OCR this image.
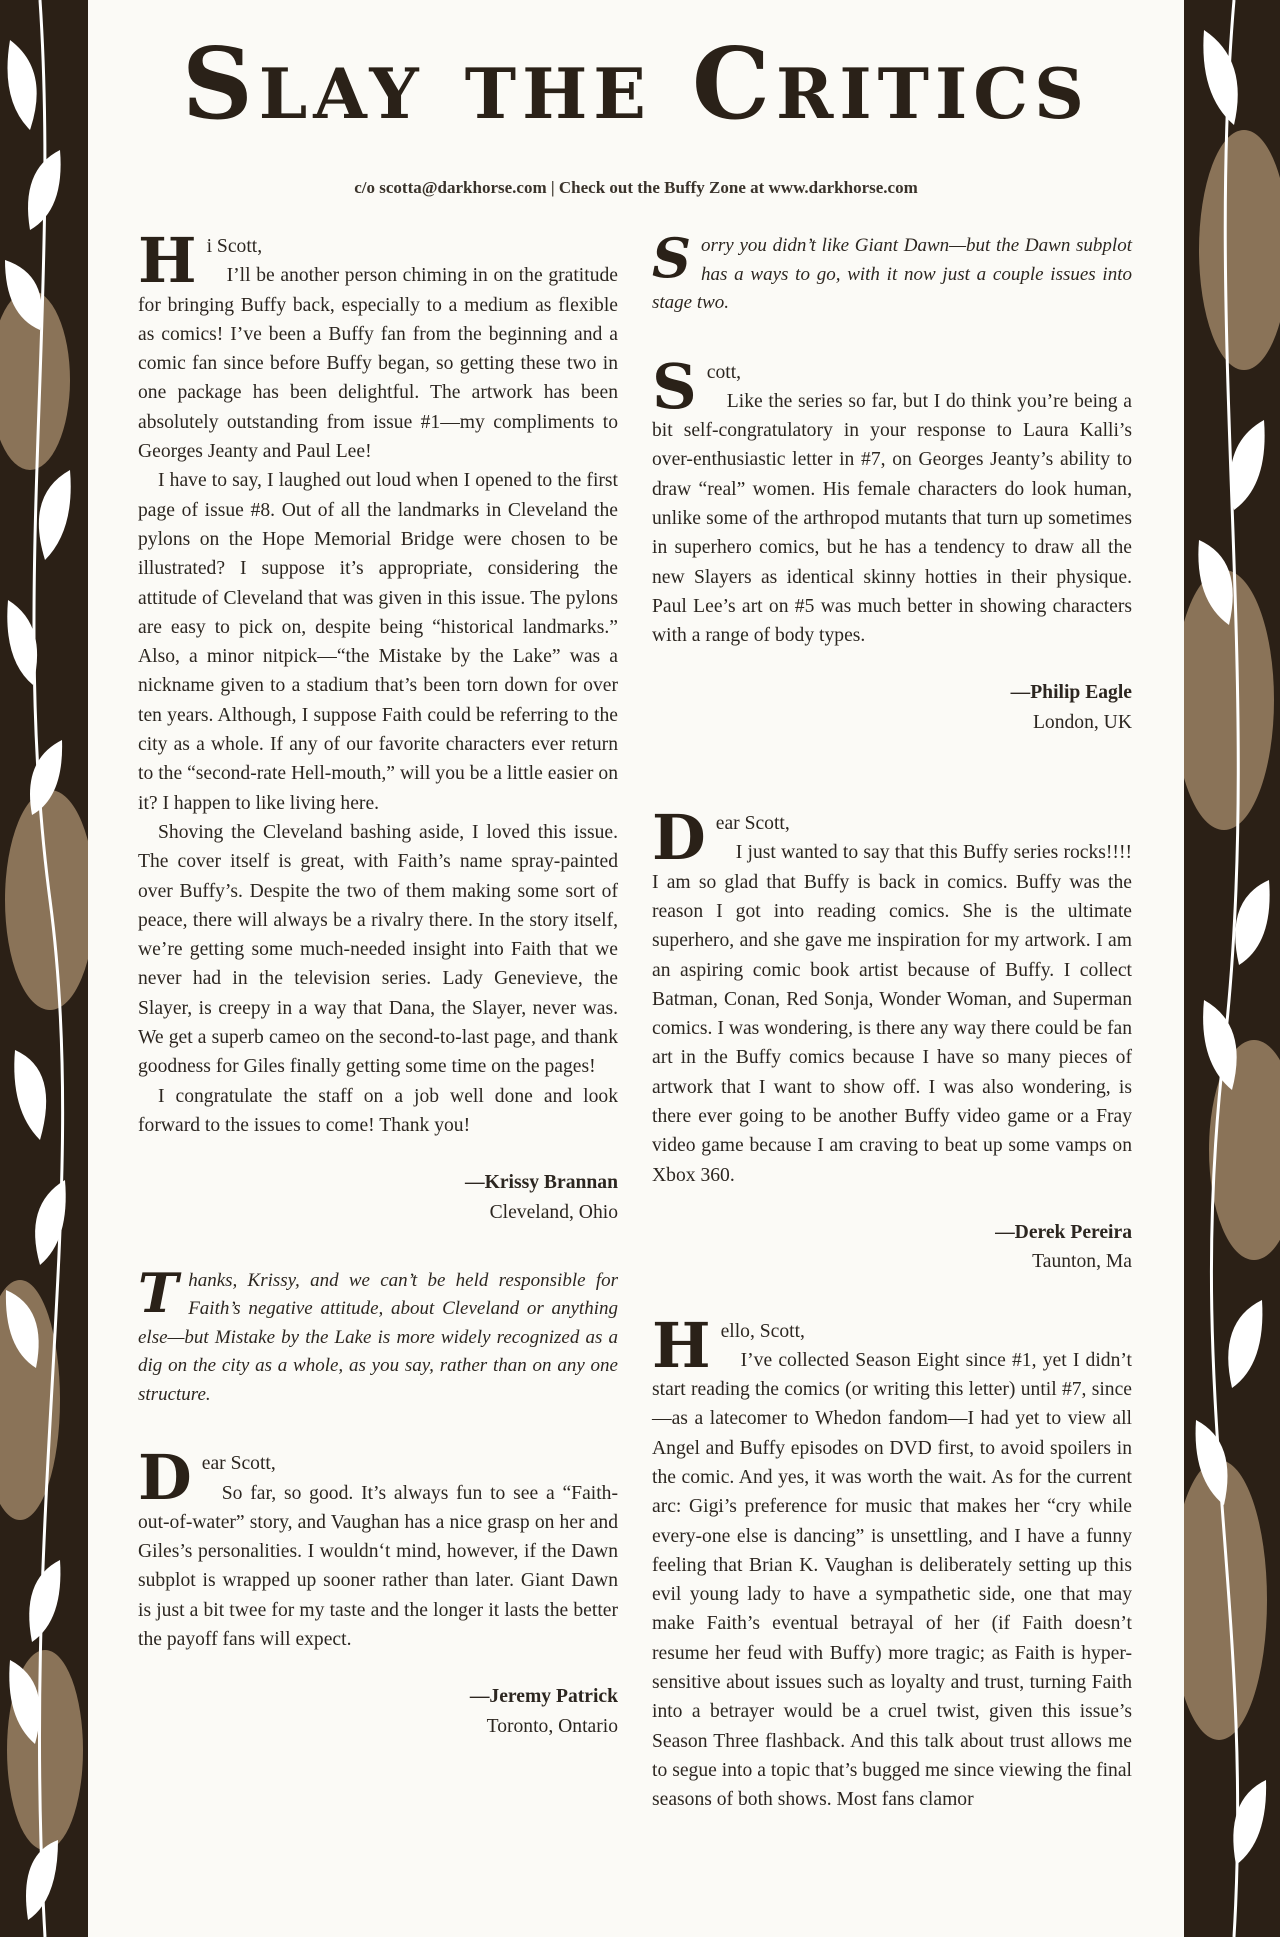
Slay the Critics
c/o scotta@darkhorse.com | Check out the Buffy Zone at www.darkhorse.com

Hi Scott,

I’ll be another person chiming in on the gratitude for bringing Buffy back, especially to a medium as flexible as comics! I’ve been a Buffy fan from the beginning and a comic fan since before Buffy began, so getting these two in one package has been delightful. The artwork has been absolutely outstanding from issue #1—my compliments to Georges Jeanty and Paul Lee!

I have to say, I laughed out loud when I opened to the first page of issue #8. Out of all the landmarks in Cleveland the pylons on the Hope Memorial Bridge were chosen to be illustrated? I suppose it’s appropriate, considering the attitude of Cleveland that was given in this issue. The pylons are easy to pick on, despite being “historical landmarks.” Also, a minor nitpick—“the Mistake by the Lake” was a nickname given to a stadium that’s been torn down for over ten years. Although, I suppose Faith could be referring to the city as a whole. If any of our favorite characters ever return to the “second-rate Hell-mouth,” will you be a little easier on it? I happen to like living here.

Shoving the Cleveland bashing aside, I loved this issue. The cover itself is great, with Faith’s name spray-painted over Buffy’s. Despite the two of them making some sort of peace, there will always be a rivalry there. In the story itself, we’re getting some much-needed insight into Faith that we never had in the television series. Lady Genevieve, the Slayer, is creepy in a way that Dana, the Slayer, never was. We get a superb cameo on the second-to-last page, and thank goodness for Giles finally getting some time on the pages!

I congratulate the staff on a job well done and look forward to the issues to come! Thank you!

—Krissy Brannan

Cleveland, Ohio

Thanks, Krissy, and we can’t be held responsible for Faith’s negative attitude, about Cleveland or anything else—but Mistake by the Lake is more widely recognized as a dig on the city as a whole, as you say, rather than on any one structure.

Dear Scott,

So far, so good. It’s always fun to see a “Faith-out-of-water” story, and Vaughan has a nice grasp on her and Giles’s personalities. I wouldn‘t mind, however, if the Dawn subplot is wrapped up sooner rather than later. Giant Dawn is just a bit twee for my taste and the longer it lasts the better the payoff fans will expect.

—Jeremy Patrick

Toronto, Ontario

Sorry you didn’t like Giant Dawn—but the Dawn subplot has a ways to go, with it now just a couple issues into stage two.

Scott,

Like the series so far, but I do think you’re being a bit self-congratulatory in your response to Laura Kalli’s over-enthusiastic letter in #7, on Georges Jeanty’s ability to draw “real” women. His female characters do look human, unlike some of the arthropod mutants that turn up sometimes in superhero comics, but he has a tendency to draw all the new Slayers as identical skinny hotties in their physique. Paul Lee’s art on #5 was much better in showing characters with a range of body types.

—Philip Eagle

London, UK

Dear Scott,

I just wanted to say that this Buffy series rocks!!!! I am so glad that Buffy is back in comics. Buffy was the reason I got into reading comics. She is the ultimate superhero, and she gave me inspiration for my artwork. I am an aspiring comic book artist because of Buffy. I collect Batman, Conan, Red Sonja, Wonder Woman, and Superman comics. I was wondering, is there any way there could be fan art in the Buffy comics because I have so many pieces of artwork that I want to show off. I was also wondering, is there ever going to be another Buffy video game or a Fray video game because I am craving to beat up some vamps on Xbox 360.

—Derek Pereira

Taunton, Ma

Hello, Scott,

I’ve collected Season Eight since #1, yet I didn’t start reading the comics (or writing this letter) until #7, since—as a latecomer to Whedon fandom—I had yet to view all Angel and Buffy episodes on DVD first, to avoid spoilers in the comic. And yes, it was worth the wait. As for the current arc: Gigi’s preference for music that makes her “cry while every-one else is dancing” is unsettling, and I have a funny feeling that Brian K. Vaughan is deliberately setting up this evil young lady to have a sympathetic side, one that may make Faith’s eventual betrayal of her (if Faith doesn’t resume her feud with Buffy) more tragic; as Faith is hyper-sensitive about issues such as loyalty and trust, turning Faith into a betrayer would be a cruel twist, given this issue’s Season Three flashback. And this talk about trust allows me to segue into a topic that’s bugged me since viewing the final seasons of both shows. Most fans clamor
